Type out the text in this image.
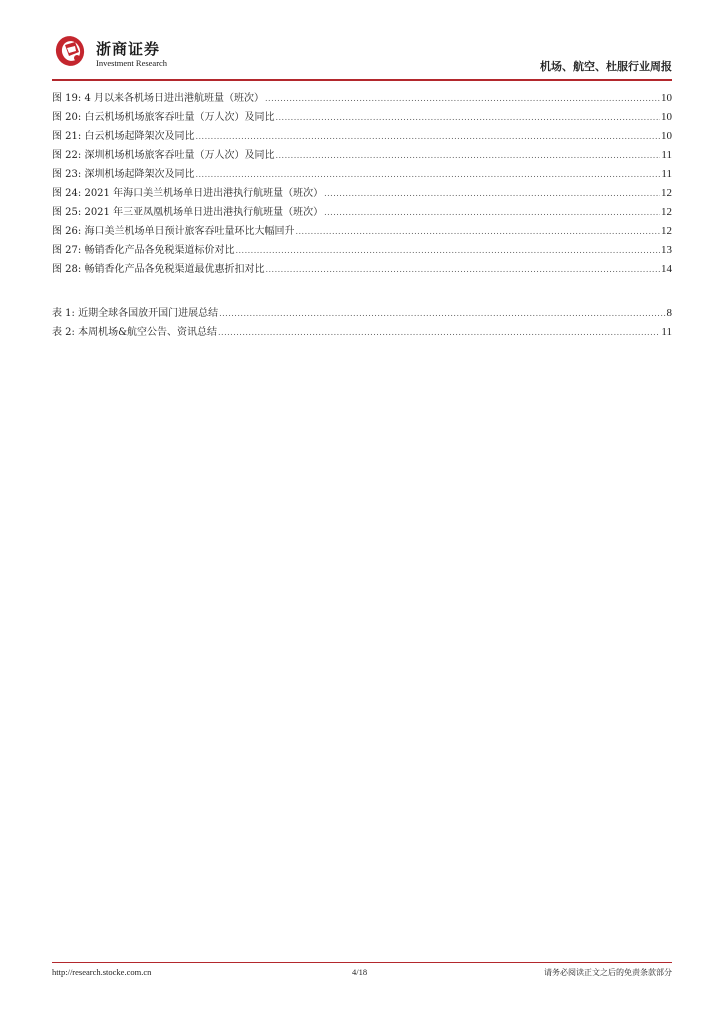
浙商证券
Investment Research	机场、航空、杜服行业周报
图 19: 4 月以来各机场日进出港航班量（班次） .....	10
图 20: 白云机场机场旅客吞吐量（万人次）及同比 .....	10
图 21: 白云机场起降架次及同比 .....	10
图 22: 深圳机场机场旅客吞吐量（万人次）及同比 .....	11
图 23: 深圳机场起降架次及同比 .....	11
图 24: 2021 年海口美兰机场单日进出港执行航班量（班次） .....	12
图 25: 2021 年三亚凤凰机场单日进出港执行航班量（班次） .....	12
图 26: 海口美兰机场单日预计旅客吞吐量环比大幅回升 .....	12
图 27: 畅销香化产品各免税渠道标价对比 .....	13
图 28: 畅销香化产品各免税渠道最优惠折扣对比 .....	14
表 1: 近期全球各国放开国门进展总结 .....	8
表 2: 本周机场&航空公告、资讯总结 .....	11
http://research.stocke.com.cn	4/18	请务必阅读正文之后的免责条款部分
